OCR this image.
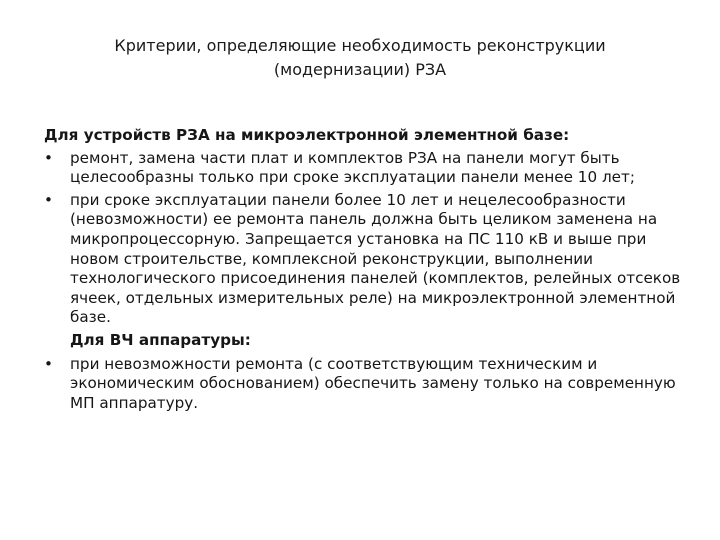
Критерии, определяющие необходимость реконструкции
(модернизации) РЗА
Для устройств РЗА на микроэлектронной элементной базе:
•	ремонт, замена части плат и комплектов РЗА на панели могут быть целесообразны только при сроке эксплуатации панели менее 10 лет;
•	при сроке эксплуатации панели более 10 лет и нецелесообразности (невозможности) ее ремонта панель должна быть целиком заменена на микропроцессорную. Запрещается установка на ПС 110 кВ и выше при новом строительстве, комплексной реконструкции, выполнении технологического присоединения панелей (комплектов, релейных отсеков ячеек, отдельных измерительных реле) на микроэлектронной элементной базе.
Для ВЧ аппаратуры:
•	при невозможности ремонта (с соответствующим техническим и экономическим обоснованием) обеспечить замену только на современную МП аппаратуру.
